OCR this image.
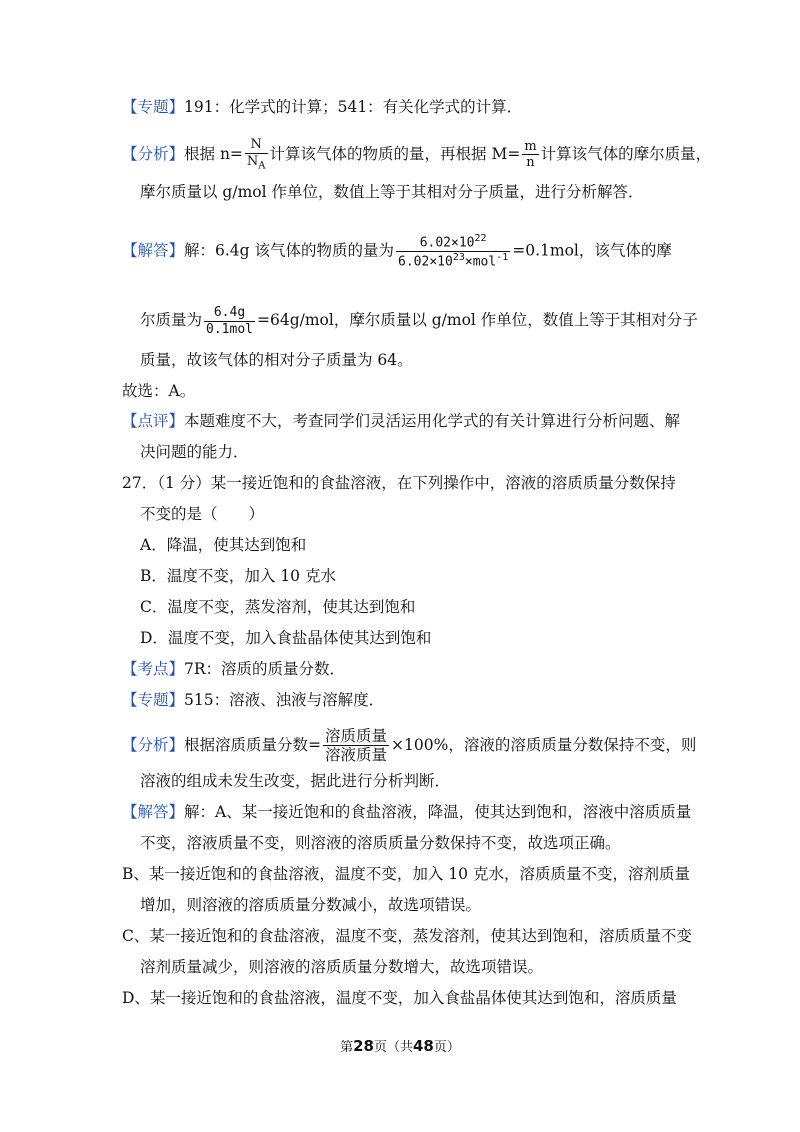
【专题】191：化学式的计算；541：有关化学式的计算．
【分析】根据 $n= \frac{N}{N_A}$ 计算该气体的物质的量，再根据 $M= \frac{m}{n}$ 计算该气体的摩尔质量，
摩尔质量以 g/mol 作单位，数值上等于其相对分子质量，进行分析解答．
【解答】解：6.4g 该气体的物质的量为 $\frac{6.02\times 10^{22}}{6.02\times 10^{23}\times mol^{-1}} =0.1mol$，该气体的摩
尔质量为 $\frac{6.4g}{\text{0.1mol}} =64g/mol$，摩尔质量以 g/mol 作单位，数值上等于其相对分子
质量，故该气体的相对分子质量为 64。
故选：A。
【点评】本题难度不大，考查同学们灵活运用化学式的有关计算进行分析问题、解
决问题的能力．
27．（1 分）某一接近饱和的食盐溶液，在下列操作中，溶液的溶质质量分数保持
不变的是（　　）
A．降温，使其达到饱和
B．温度不变，加入 10 克水
C．温度不变，蒸发溶剂，使其达到饱和
D．温度不变，加入食盐晶体使其达到饱和
【考点】7R：溶质的质量分数．
【专题】515：溶液、浊液与溶解度．
【分析】根据溶质质量分数= $\frac{\text{溶质质量}}{\text{溶液质量}} \times 100\%$，溶液的溶质质量分数保持不变，则
溶液的组成未发生改变，据此进行分析判断．
【解答】解：A、某一接近饱和的食盐溶液，降温，使其达到饱和，溶液中溶质质量
不变，溶液质量不变，则溶液的溶质质量分数保持不变，故选项正确。
B、某一接近饱和的食盐溶液，温度不变，加入 10 克水，溶质质量不变，溶剂质量
增加，则溶液的溶质质量分数减小，故选项错误。
C、某一接近饱和的食盐溶液，温度不变，蒸发溶剂，使其达到饱和，溶质质量不变
溶剂质量减少，则溶液的溶质质量分数增大，故选项错误。
D、某一接近饱和的食盐溶液，温度不变，加入食盐晶体使其达到饱和，溶质质量
第28页（共48页）
